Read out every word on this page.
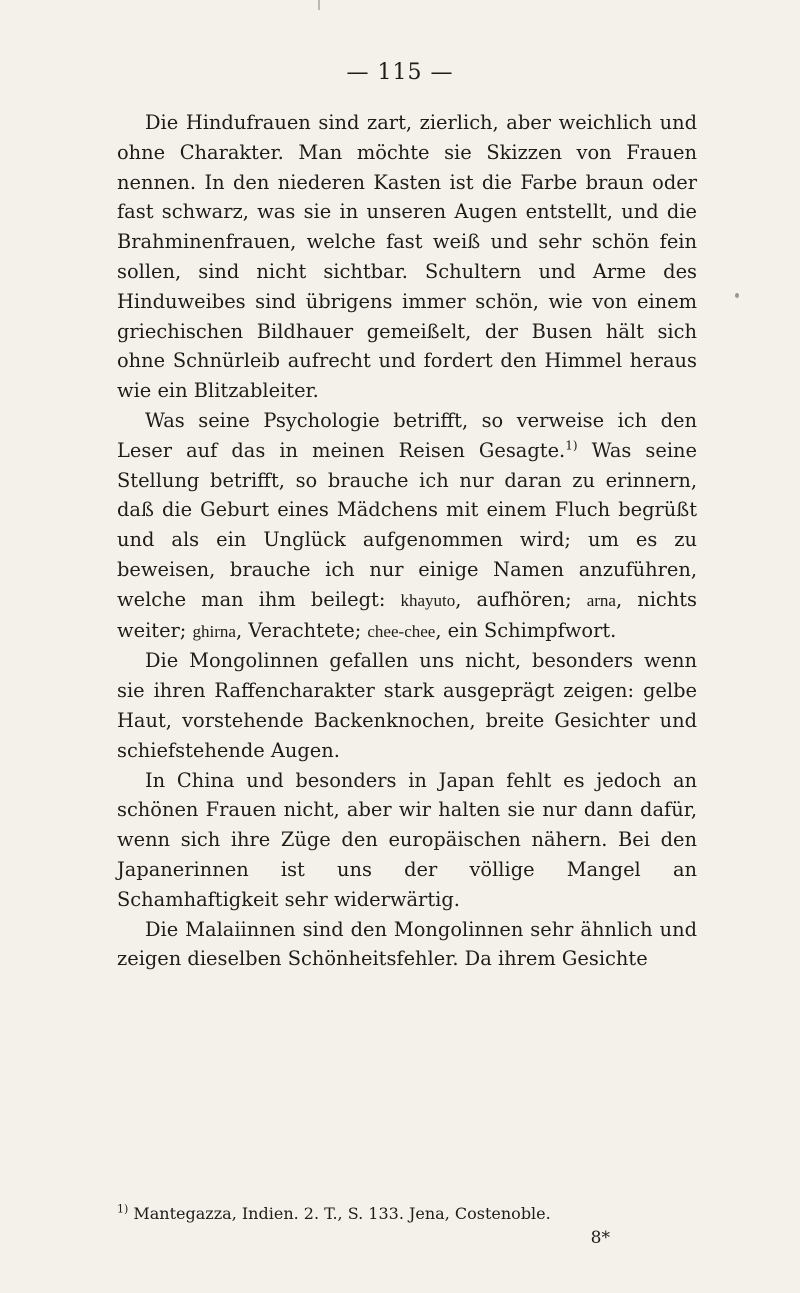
— 115 —

Die Hindufrauen sind zart, zierlich, aber weichlich und ohne Charakter. Man möchte sie Skizzen von Frauen nennen. In den niederen Kasten ist die Farbe braun oder fast schwarz, was sie in unseren Augen entstellt, und die Brahminenfrauen, welche fast weiß und sehr schön fein sollen, sind nicht sichtbar. Schultern und Arme des Hinduweibes sind übrigens immer schön, wie von einem griechischen Bildhauer gemeißelt, der Busen hält sich ohne Schnürleib aufrecht und fordert den Himmel heraus wie ein Blitzableiter.

Was seine Psychologie betrifft, so verweise ich den Leser auf das in meinen Reisen Gesagte.$^{1)}$ Was seine Stellung betrifft, so brauche ich nur daran zu erinnern, daß die Geburt eines Mädchens mit einem Fluch begrüßt und als ein Unglück aufgenommen wird; um es zu beweisen, brauche ich nur einige Namen anzuführen, welche man ihm beilegt: khayuto, aufhören; arna, nichts weiter; ghirna, Verachtete; chee-chee, ein Schimpfwort.

Die Mongolinnen gefallen uns nicht, besonders wenn sie ihren Raffencharakter stark ausgeprägt zeigen: gelbe Haut, vorstehende Backenknochen, breite Gesichter und schiefstehende Augen.

In China und besonders in Japan fehlt es jedoch an schönen Frauen nicht, aber wir halten sie nur dann dafür, wenn sich ihre Züge den europäischen nähern. Bei den Japanerinnen ist uns der völlige Mangel an Schamhaftigkeit sehr widerwärtig.

Die Malaiinnen sind den Mongolinnen sehr ähnlich und zeigen dieselben Schönheitsfehler. Da ihrem Gesichte

$^{1)}$ Mantegazza, Indien. 2. T., S. 133. Jena, Costenoble.
8*
